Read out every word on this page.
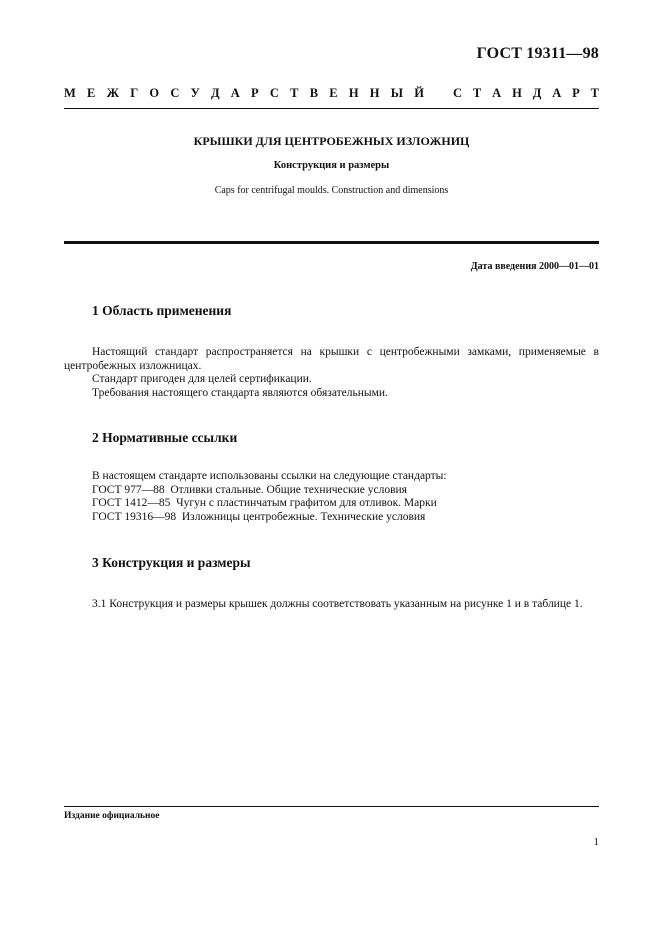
ГОСТ 19311—98
М Е Ж Г О С У Д А Р С Т В Е Н Н Ы Й С Т А Н Д А Р Т
КРЫШКИ ДЛЯ ЦЕНТРОБЕЖНЫХ ИЗЛОЖНИЦ
Конструкция и размеры
Caps for centrifugal moulds. Construction and dimensions
Дата введения 2000—01—01
1 Область применения

Настоящий стандарт распространяется на крышки с центробежными замками, применяемые в центробежных изложницах.

Стандарт пригоден для целей сертификации.

Требования настоящего стандарта являются обязательными.

2 Нормативные ссылки

В настоящем стандарте использованы ссылки на следующие стандарты:

ГОСТ 977—88  Отливки стальные. Общие технические условия

ГОСТ 1412—85  Чугун с пластинчатым графитом для отливок. Марки

ГОСТ 19316—98  Изложницы центробежные. Технические условия

3 Конструкция и размеры

3.1 Конструкция и размеры крышек должны соответствовать указанным на рисунке 1 и в таблице 1.

Издание официальное
1
